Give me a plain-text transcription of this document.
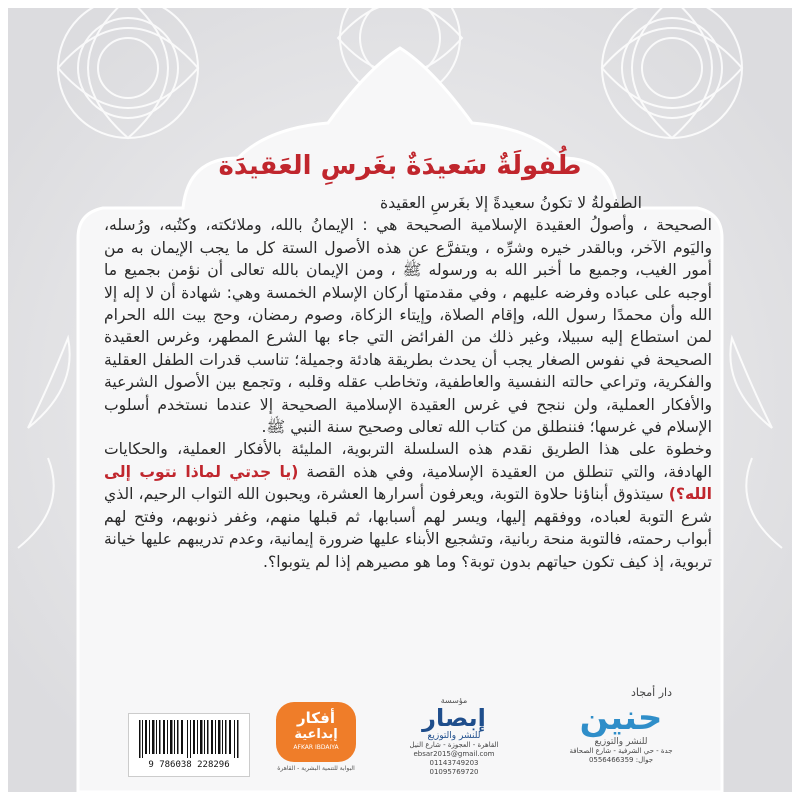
طُفولَةٌ سَعيدَةٌ بغَرسِ العَقيدَة

الطفولةُ لا تكونُ سعيدةً إلا بغَرسِ العقيدة

الصحيحة ، وأصولُ العقيدة الإسلامية الصحيحة هي : الإيمانُ بالله، وملائكته، وكتُبه، ورُسله، واليَوم الآخر، وبالقدر خيره وشرِّه ، ويتفرَّع عن هذه الأصول الستة كل ما يجب الإيمان به من أمور الغيب، وجميع ما أخبر الله به ورسوله ﷺ ، ومن الإيمان بالله تعالى أن نؤمن بجميع ما أوجبه على عباده وفرضه عليهم ، وفي مقدمتها أركان الإسلام الخمسة وهي: شهادة أن لا إله إلا الله وأن محمدًا رسول الله، وإقام الصلاة، وإيتاء الزكاة، وصوم رمضان، وحج بيت الله الحرام لمن استطاع إليه سبيلا، وغير ذلك من الفرائض التي جاء بها الشرع المطهر، وغرس العقيدة الصحيحة في نفوس الصغار يجب أن يحدث بطريقة هادئة وجميلة؛ تناسب قدرات الطفل العقلية والفكرية، وتراعي حالته النفسية والعاطفية، وتخاطب عقله وقلبه ، وتجمع بين الأصول الشرعية والأفكار العملية، ولن ننجح في غرس العقيدة الإسلامية الصحيحة إلا عندما نستخدم أسلوب الإسلام في غرسها؛ فننطلق من كتاب الله تعالى وصحيح سنة النبي ﷺ.

وخطوة على هذا الطريق نقدم هذه السلسلة التربوية، المليئة بالأفكار العملية، والحكايات الهادفة، والتي تنطلق من العقيدة الإسلامية، وفي هذه القصة (يا جدتي لماذا نتوب إلى الله؟) سيتذوق أبناؤنا حلاوة التوبة، ويعرفون أسرارها العشرة، ويحبون الله التواب الرحيم، الذي شرع التوبة لعباده، ووفقهم إليها، ويسر لهم أسبابها، ثم قبلها منهم، وغفر ذنوبهم، وفتح لهم أبواب رحمته، فالتوبة منحة ربانية، وتشجيع الأبناء عليها ضرورة إيمانية، وعدم تدريبهم عليها خيانة تربوية، إذ كيف تكون حياتهم بدون توبة؟ وما هو مصيرهم إذا لم يتوبوا؟.

9 786038 228296
أفكار
إبداعية
AFKAR IBDAIYA
البوابة للتنمية البشرية - القاهرة
مؤسسة
إبصار
للنشر والتوزيع
القاهرة - العجوزة - شارع النيل
ebsar2015@gmail.com
01143749203
01095769720
دار أمجاد
حنين
للنشر والتوزيع
جدة - حي الشرفية - شارع الصحافة
جوال: 0556466359
